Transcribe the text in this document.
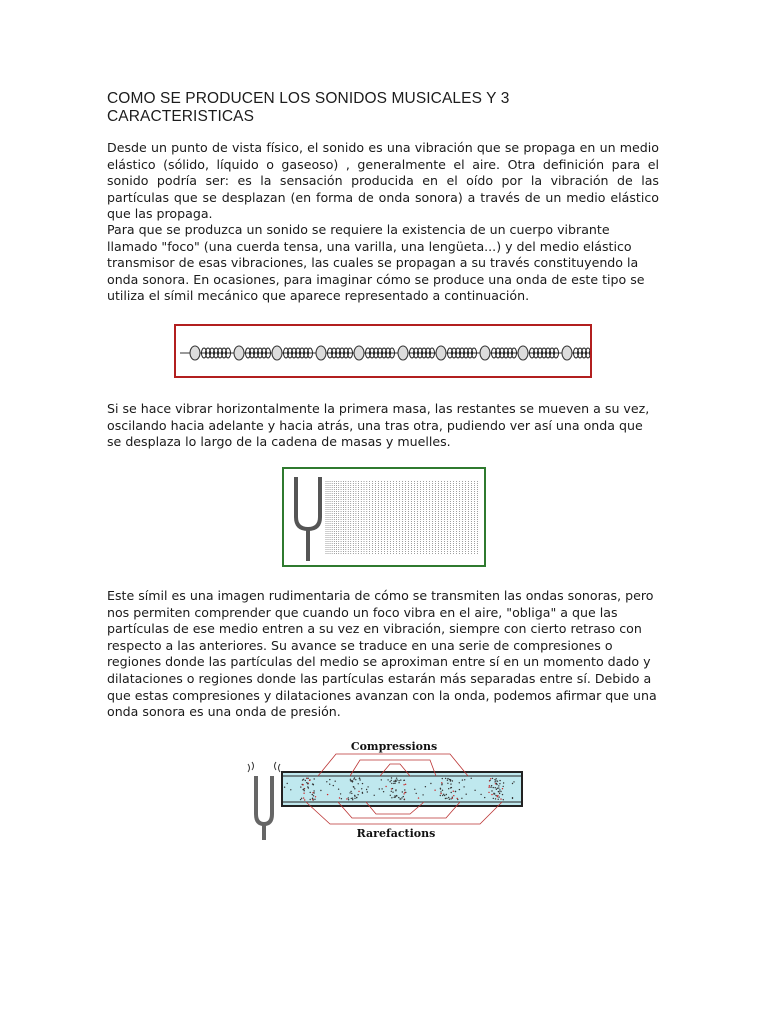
COMO SE PRODUCEN LOS SONIDOS MUSICALES Y 3 CARACTERISTICAS

Desde un punto de vista físico, el sonido es una vibración que se propaga en un medio elástico (sólido, líquido o gaseoso) , generalmente el aire. Otra definición para el sonido podría ser: es la sensación producida en el oído por la vibración de las partículas que se desplazan (en forma de onda sonora) a través de un medio elástico que las propaga.

Para que se produzca un sonido se requiere la existencia de un cuerpo vibrante llamado "foco" (una cuerda tensa, una varilla, una lengüeta...) y del medio elástico transmisor de esas vibraciones, las cuales se propagan a su través constituyendo la onda sonora. En ocasiones, para imaginar cómo se produce una onda de este tipo se utiliza el símil mecánico que aparece representado a continuación.

Si se hace vibrar horizontalmente la primera masa, las restantes se mueven a su vez, oscilando hacia adelante y hacia atrás, una tras otra, pudiendo ver así una onda que se desplaza lo largo de la cadena de masas y muelles.

Este símil es una imagen rudimentaria de cómo se transmiten las ondas sonoras, pero nos permiten comprender que cuando un foco vibra en el aire, "obliga" a que las partículas de ese medio entren a su vez en vibración, siempre con cierto retraso con respecto a las anteriores. Su avance se traduce en una serie de compresiones o regiones donde las partículas del medio se aproximan entre sí en un momento dado y dilataciones o regiones donde las partículas estarán más separadas entre sí. Debido a que estas compresiones y dilataciones avanzan con la onda, podemos afirmar que una onda sonora es una onda de presión.

Compressions
Rarefactions
